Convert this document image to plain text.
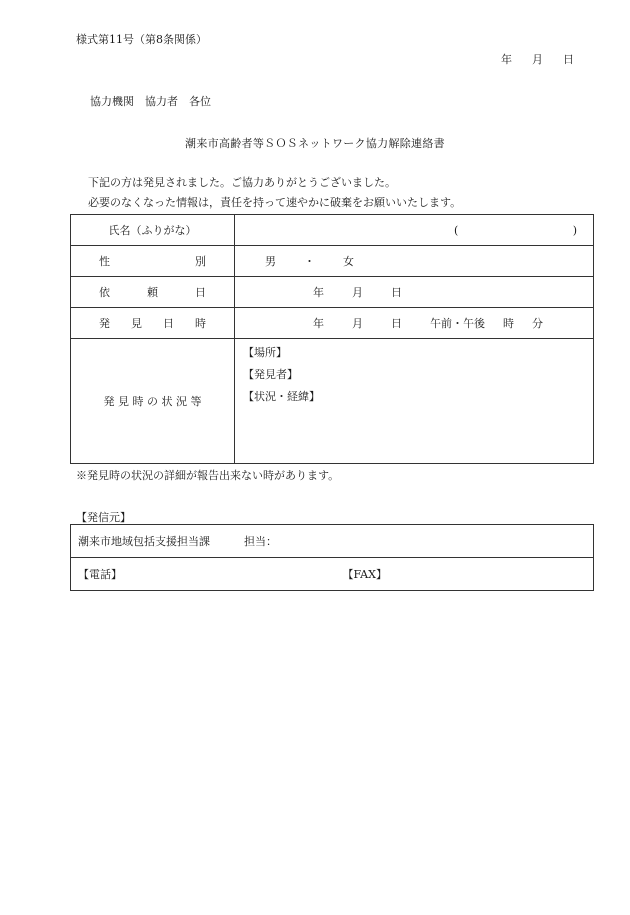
様式第11号（第8条関係）
年 月 日
協力機関　協力者　各位
潮来市高齢者等ＳＯＳネットワーク協力解除連絡書
下記の方は発見されました。ご協力ありがとうございました。
必要のなくなった情報は，責任を持って速やかに破棄をお願いいたします。
氏名（ふりがな）	( )

性 別	男 ・ 女

依 頼 日	年 月 日

発 見 日 時	年 月 日 午前・午後 時 分

発 見 時 の 状 況 等	【場所】
【発見者】
【状況・経緯】
※発見時の状況の詳細が報告出来ない時があります。
【発信元】
潮来市地域包括支援担当課	担当：
【電話】	【FAX】
